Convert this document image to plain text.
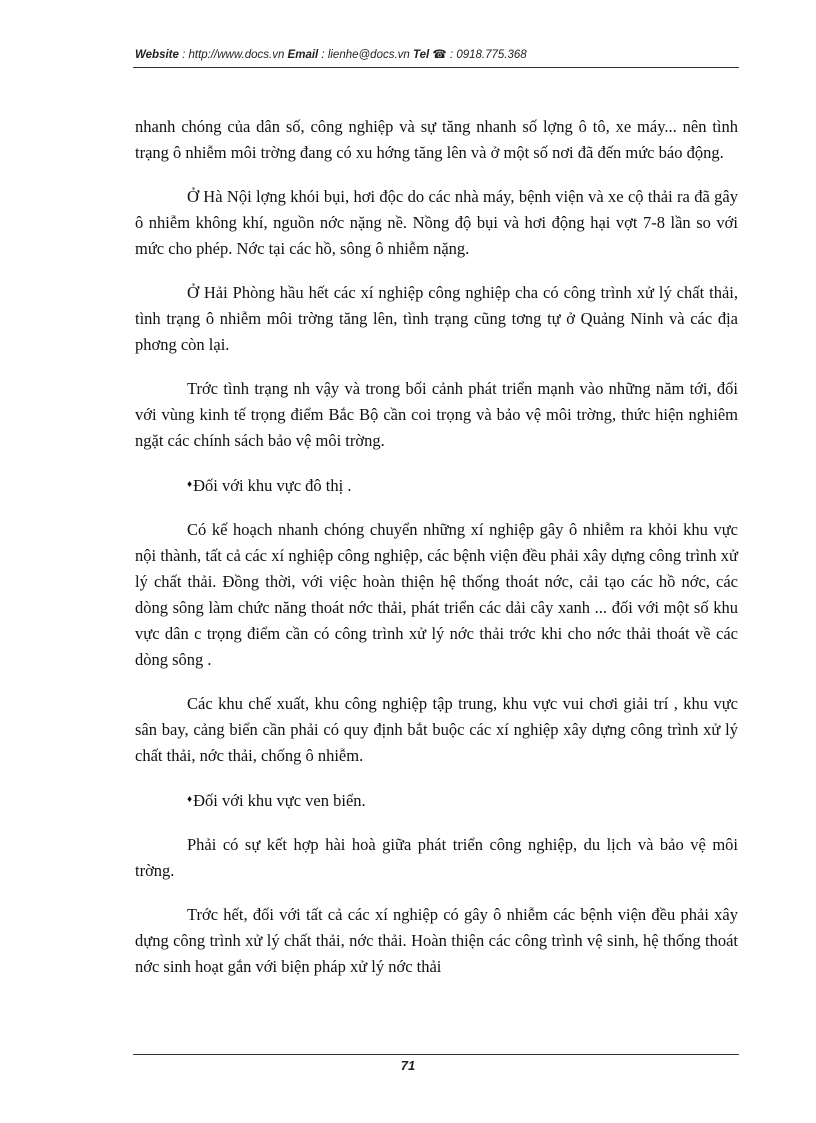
Website : http://www.docs.vn Email : lienhe@docs.vn Tel ☎ : 0918.775.368

nhanh chóng của dân số, công nghiệp và sự tăng nhanh số lợng ô tô, xe máy... nên tình trạng ô nhiễm môi trờng đang có xu hớng tăng lên và ở một số nơi đã đến mức báo động.

Ở Hà Nội lợng khói bụi, hơi độc do các nhà máy, bệnh viện và xe cộ thải ra đã gây ô nhiễm không khí, nguồn nớc nặng nề. Nồng độ bụi và hơi động hại vợt 7-8 lần so với mức cho phép. Nớc tại các hồ, sông ô nhiễm nặng.

Ở Hải Phòng hầu hết các xí nghiệp công nghiệp cha có công trình xử lý chất thải, tình trạng ô nhiễm môi trờng tăng lên, tình trạng cũng tơng tự ở Quảng Ninh và các địa phơng còn lại.

Trớc tình trạng nh vậy và trong bối cảnh phát triển mạnh vào những năm tới, đối với vùng kinh tế trọng điểm Bắc Bộ cần coi trọng và bảo vệ môi trờng, thức hiện nghiêm ngặt các chính sách bảo vệ môi trờng.

♦Đối với khu vực đô thị .

Có kế hoạch nhanh chóng chuyển những xí nghiệp gây ô nhiễm ra khỏi khu vực nội thành, tất cả các xí nghiệp công nghiệp, các bệnh viện đều phải xây dựng công trình xử lý chất thải. Đồng thời, với việc hoàn thiện hệ thống thoát nớc, cải tạo các hồ nớc, các dòng sông làm chức năng thoát nớc thải, phát triển các dải cây xanh ... đối với một số khu vực dân c trọng điểm cần có công trình xử lý nớc thải trớc khi cho nớc thải thoát về các dòng sông .

Các khu chế xuất, khu công nghiệp tập trung, khu vực vui chơi giải trí , khu vực sân bay, cảng biển cần phải có quy định bắt buộc các xí nghiệp xây dựng công trình xử lý chất thải, nớc thải, chống ô nhiễm.

♦Đối với khu vực ven biển.

Phải có sự kết hợp hài hoà giữa phát triển công nghiệp, du lịch và bảo vệ môi trờng.

Trớc hết, đối với tất cả các xí nghiệp có gây ô nhiễm các bệnh viện đều phải xây dựng công trình xử lý chất thải, nớc thải. Hoàn thiện các công trình vệ sinh, hệ thống thoát nớc sinh hoạt gắn với biện pháp xử lý nớc thải

71
